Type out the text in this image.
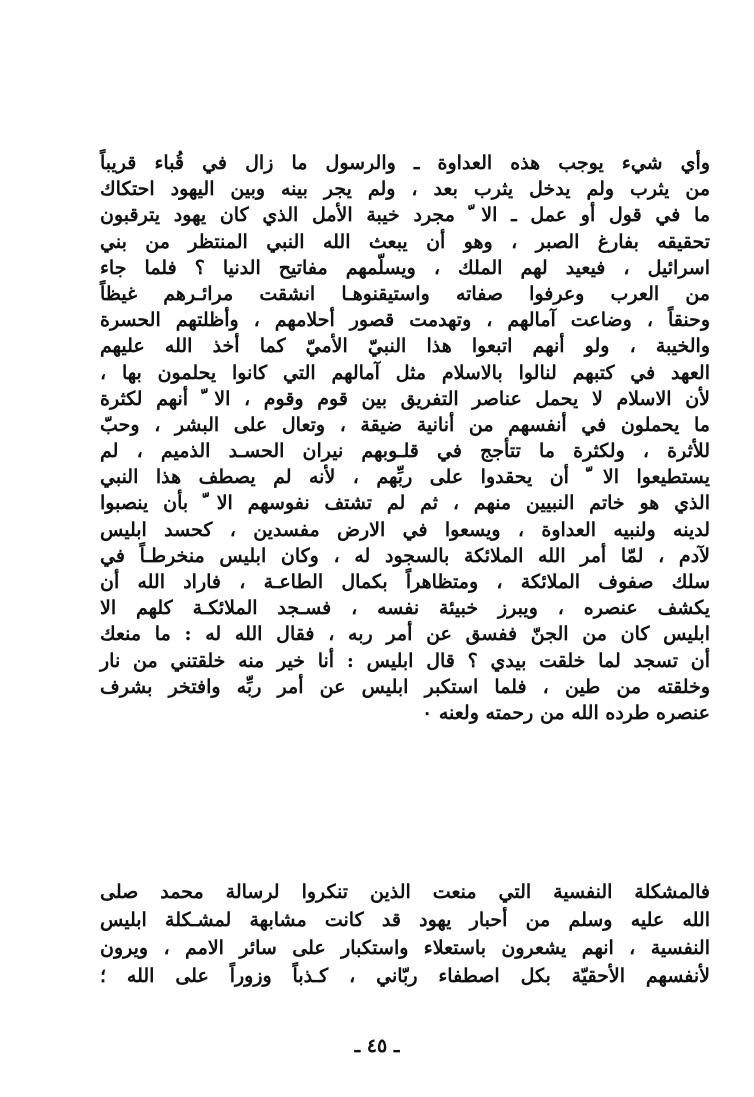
وأي شيء يوجب هذه العداوة ـ والرسول ما زال في قُباء قريباً
من يثرب ولم يدخل يثرب بعد ، ولم يجر بينه وبين اليهود احتكاك
ما في قول أو عمل ـ الا ّ مجرد خيبة الأمل الذي كان يهود يترقبون
تحقيقه بفارغ الصبر ، وهو أن يبعث الله النبي المنتظر من بني
اسرائيل ، فيعيد لهم الملك ، ويسلّمهم مفاتيح الدنيا ؟ فلما جاء
من العرب وعرفوا صفاته واستيقنوهـا انشقت مرائـرهم غيظاً
وحنقاً ، وضاعت آمالهم ، وتهدمت قصور أحلامهم ، وأظلتهم الحسرة
والخيبة ، ولو أنهم اتبعوا هذا النبيّ الأميّ كما أخذ الله عليهم
العهد في كتبهم لنالوا بالاسلام مثل آمالهم التي كانوا يحلمون بها ،
لأن الاسلام لا يحمل عناصر التفريق بين قوم وقوم ، الا ّ أنهم لكثرة
ما يحملون في أنفسهم من أنانية ضيقة ، وتعال على البشر ، وحبّ
للأثرة ، ولكثرة ما تتأجج في قلـوبهم نيران الحسـد الذميم ، لم
يستطيعوا الا ّ أن يحقدوا على ربِّهم ، لأنه لم يصطف هذا النبي
الذي هو خاتم النبيين منهم ، ثم لم تشتف نفوسهم الا ّ بأن ينصبوا
لدينه ولنبيه العداوة ، ويسعوا في الارض مفسدين ، كحسد ابليس
لآدم ، لمّا أمر الله الملائكة بالسجود له ، وكان ابليس منخرطـاً في
سلك صفوف الملائكة ، ومتظاهراً بكمال الطاعـة ، فاراد الله أن
يكشف عنصره ، ويبرز خبيئة نفسه ، فسـجد الملائكـة كلهم الا
ابليس كان من الجنّ ففسق عن أمر ربه ، فقال الله له : ما منعك
أن تسجد لما خلقت بيدي ؟ قال ابليس : أنا خير منه خلقتني من نار
وخلقته من طين ، فلما استكبر ابليس عن أمر ربِّه وافتخر بشرف
عنصره طرده الله من رحمته ولعنه ٠
فالمشكلة النفسية التي منعت الذين تنكروا لرسالة محمد صلى
الله عليه وسلم من أحبار يهود قد كانت مشابهة لمشـكلة ابليس
النفسية ، انهم يشعرون باستعلاء واستكبار على سائر الامم ، ويرون
لأنفسهم الأحقيّة بكل اصطفاء ربّاني ، كـذباً وزوراً على الله ؛
ـ ٤٥ ـ
